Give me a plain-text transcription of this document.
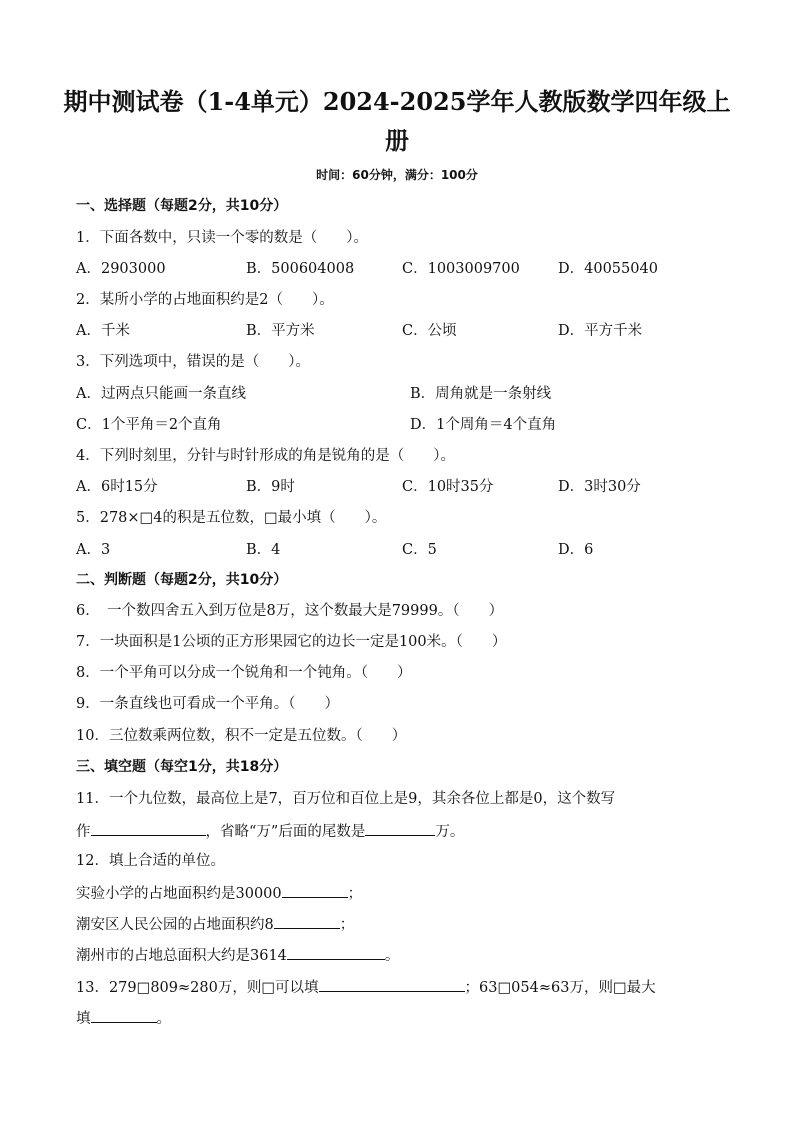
期中测试卷（1-4单元）2024-2025学年人教版数学四年级上
册
时间：60分钟，满分：100分
一、选择题（每题2分，共10分）
1．下面各数中，只读一个零的数是（　　）。
A．2903000	B．500604008	C．1003009700	D．40055040
2．某所小学的占地面积约是2（　　）。
A．千米	B．平方米	C．公顷	D．平方千米
3．下列选项中，错误的是（　　）。
A．过两点只能画一条直线	B．周角就是一条射线
C．1个平角＝2个直角	D．1个周角＝4个直角
4．下列时刻里，分针与时针形成的角是锐角的是（　　）。
A．6时15分	B．9时	C．10时35分	D．3时30分
5．278×□4的积是五位数，□最小填（　　）。
A．3	B．4	C．5	D．6
二、判断题（每题2分，共10分）
6．　一个数四舍五入到万位是8万，这个数最大是79999。（　　）
7．一块面积是1公顷的正方形果园它的边长一定是100米。（　　）
8．一个平角可以分成一个锐角和一个钝角。（　　）
9．一条直线也可看成一个平角。（　　）
10．三位数乘两位数，积不一定是五位数。（　　）
三、填空题（每空1分，共18分）
11．一个九位数，最高位上是7，百万位和百位上是9，其余各位上都是0，这个数写
作	，省略“万”后面的尾数是	万。
12．填上合适的单位。
实验小学的占地面积约是30000	；
潮安区人民公园的占地面积约8	；
潮州市的占地总面积大约是3614	。
13．279□809≈280万，则□可以填	；63□054≈63万，则□最大
填	。
